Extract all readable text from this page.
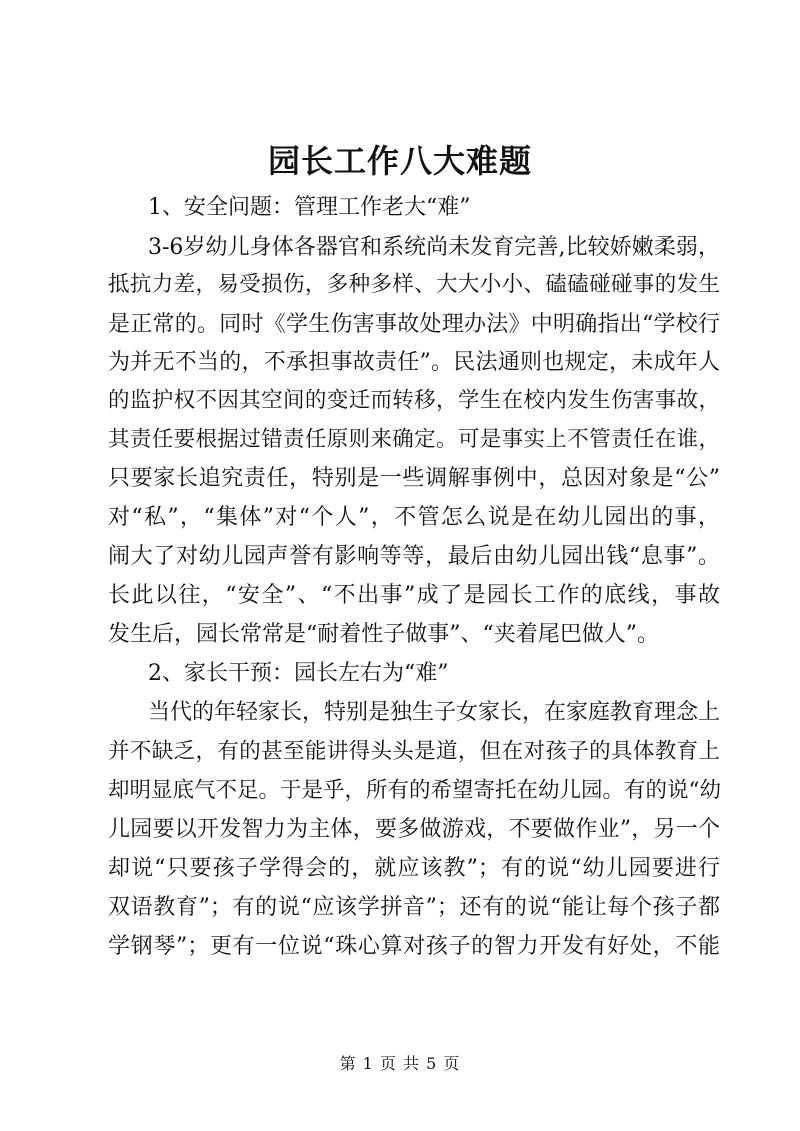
园长工作八大难题
1、安全问题：管理工作老大“难”
3-6岁幼儿身体各器官和系统尚未发育完善,比较娇嫩柔弱，
抵抗力差，易受损伤，多种多样、大大小小、磕磕碰碰事的发生
是正常的。同时《学生伤害事故处理办法》中明确指出“学校行
为并无不当的，不承担事故责任”。民法通则也规定，未成年人
的监护权不因其空间的变迁而转移，学生在校内发生伤害事故，
其责任要根据过错责任原则来确定。可是事实上不管责任在谁，
只要家长追究责任，特别是一些调解事例中，总因对象是“公”
对“私”，“集体”对“个人”，不管怎么说是在幼儿园出的事，
闹大了对幼儿园声誉有影响等等，最后由幼儿园出钱“息事”。
长此以往，“安全”、“不出事”成了是园长工作的底线，事故
发生后，园长常常是“耐着性子做事”、“夹着尾巴做人”。
2、家长干预：园长左右为“难”
当代的年轻家长，特别是独生子女家长，在家庭教育理念上
并不缺乏，有的甚至能讲得头头是道，但在对孩子的具体教育上
却明显底气不足。于是乎，所有的希望寄托在幼儿园。有的说“幼
儿园要以开发智力为主体，要多做游戏，不要做作业”，另一个
却说“只要孩子学得会的，就应该教”；有的说“幼儿园要进行
双语教育”；有的说“应该学拼音”；还有的说“能让每个孩子都
学钢琴”；更有一位说“珠心算对孩子的智力开发有好处，不能
第 1 页 共 5 页
